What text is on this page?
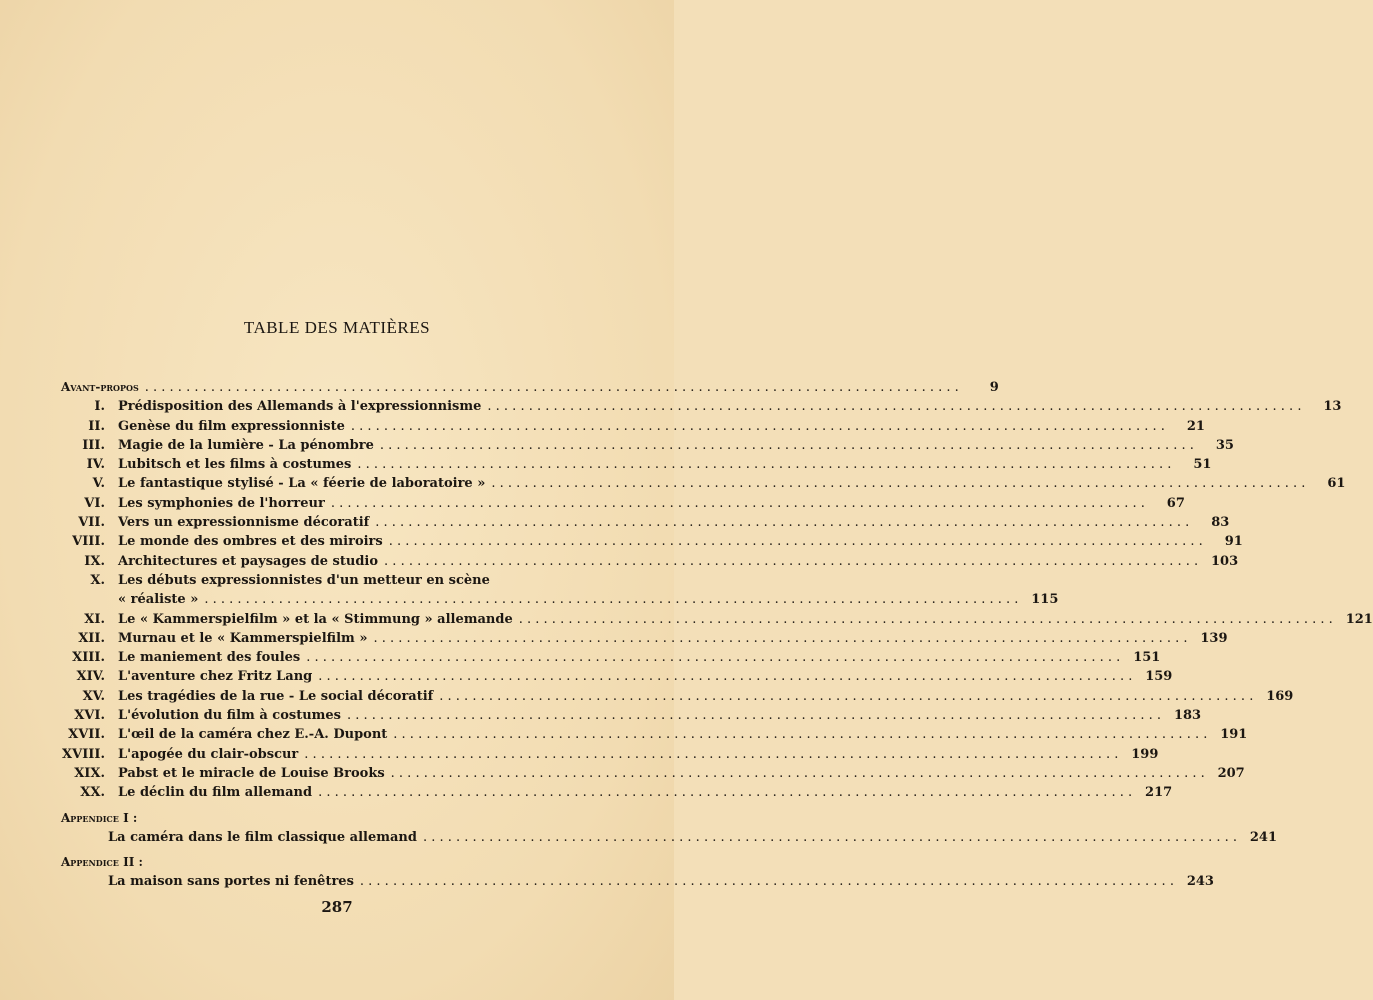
TABLE DES MATIÈRES
Avant-propos . . .	9
I.	Prédisposition des Allemands à l'expressionnisme . . .	13
II.	Genèse du film expressionniste . . .	21
III.	Magie de la lumière - La pénombre . . .	35
IV.	Lubitsch et les films à costumes . . .	51
V.	Le fantastique stylisé - La « féerie de laboratoire » . . .	61
VI.	Les symphonies de l'horreur . . .	67
VII.	Vers un expressionnisme décoratif . . .	83
VIII.	Le monde des ombres et des miroirs . . .	91
IX.	Architectures et paysages de studio . . .	103
X.	Les débuts expressionnistes d'un metteur en scène
« réaliste » . . .	115
XI.	Le « Kammerspielfilm » et la « Stimmung » allemande . . .	121
XII.	Murnau et le « Kammerspielfilm » . . .	139
XIII.	Le maniement des foules . . .	151
XIV.	L'aventure chez Fritz Lang . . .	159
XV.	Les tragédies de la rue - Le social décoratif . . .	169
XVI.	L'évolution du film à costumes . . .	183
XVII.	L'œil de la caméra chez E.-A. Dupont . . .	191
XVIII.	L'apogée du clair-obscur . . .	199
XIX.	Pabst et le miracle de Louise Brooks . . .	207
XX.	Le déclin du film allemand . . .	217
Appendice I :
La caméra dans le film classique allemand . . .	241
Appendice II :
La maison sans portes ni fenêtres . . .	243
287
